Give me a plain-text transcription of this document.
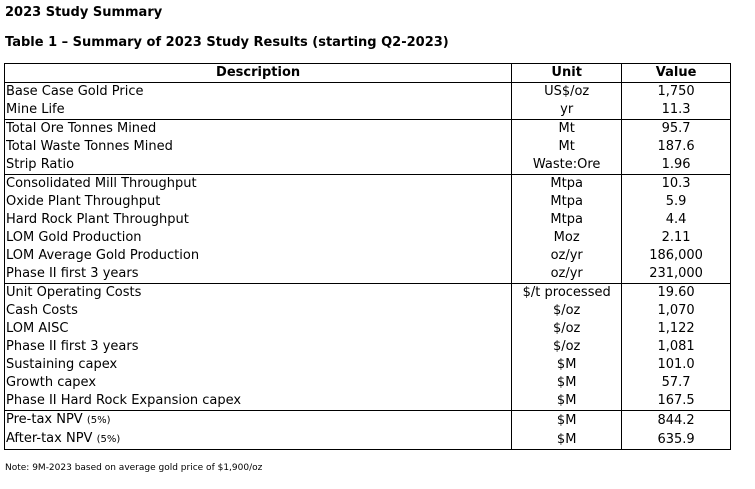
2023 Study Summary
Table 1 – Summary of 2023 Study Results (starting Q2-2023)
Description	Unit	Value
Base Case Gold Price	US$/oz	1,750
Mine Life	yr	11.3
Total Ore Tonnes Mined	Mt	95.7
Total Waste Tonnes Mined	Mt	187.6
Strip Ratio	Waste:Ore	1.96
Consolidated Mill Throughput	Mtpa	10.3
Oxide Plant Throughput	Mtpa	5.9
Hard Rock Plant Throughput	Mtpa	4.4
LOM Gold Production	Moz	2.11
LOM Average Gold Production	oz/yr	186,000
Phase II first 3 years	oz/yr	231,000
Unit Operating Costs	$/t processed	19.60
Cash Costs	$/oz	1,070
LOM AISC	$/oz	1,122
Phase II first 3 years	$/oz	1,081
Sustaining capex	$M	101.0
Growth capex	$M	57.7
Phase II Hard Rock Expansion capex	$M	167.5
Pre-tax NPV (5%)	$M	844.2
After-tax NPV (5%)	$M	635.9
Note: 9M-2023 based on average gold price of $1,900/oz
